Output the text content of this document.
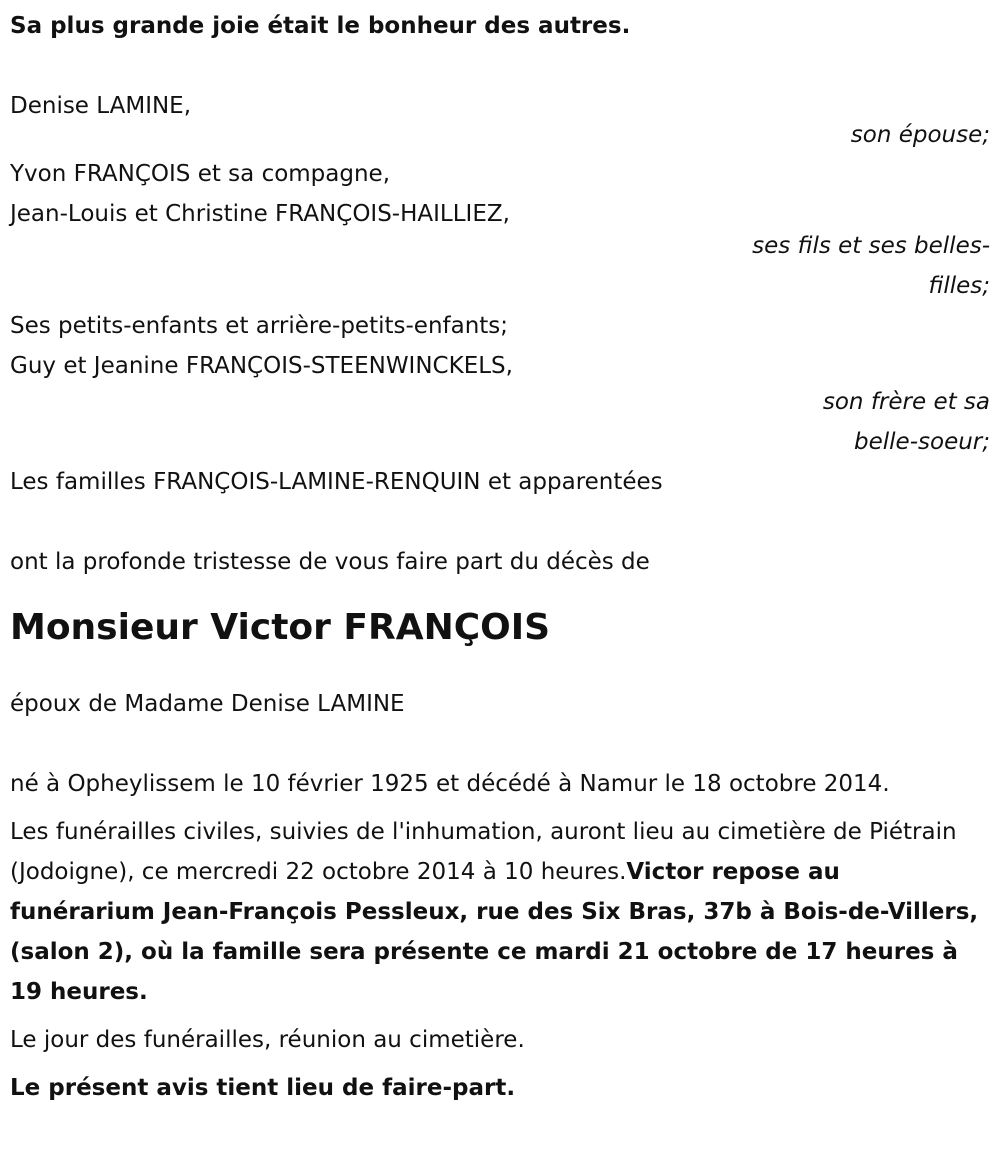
Sa plus grande joie était le bonheur des autres.

Denise LAMINE,

son épouse;

Yvon FRANÇOIS et sa compagne,

Jean-Louis et Christine FRANÇOIS-HAILLIEZ,

ses fils et ses belles-

filles;

Ses petits-enfants et arrière-petits-enfants;

Guy et Jeanine FRANÇOIS-STEENWINCKELS,

son frère et sa

belle-soeur;

Les familles FRANÇOIS-LAMINE-RENQUIN et apparentées

ont la profonde tristesse de vous faire part du décès de

Monsieur Victor FRANÇOIS

époux de Madame Denise LAMINE

né à Opheylissem le 10 février 1925 et décédé à Namur le 18 octobre 2014.

Les funérailles civiles, suivies de l'inhumation, auront lieu au cimetière de Piétrain (Jodoigne), ce mercredi 22 octobre 2014 à 10 heures.Victor repose au funérarium Jean-François Pessleux, rue des Six Bras, 37b à Bois-de-Villers,(salon 2), où la famille sera présente ce mardi 21 octobre de 17 heures à 19 heures.

Le jour des funérailles, réunion au cimetière.

Le présent avis tient lieu de faire-part.
